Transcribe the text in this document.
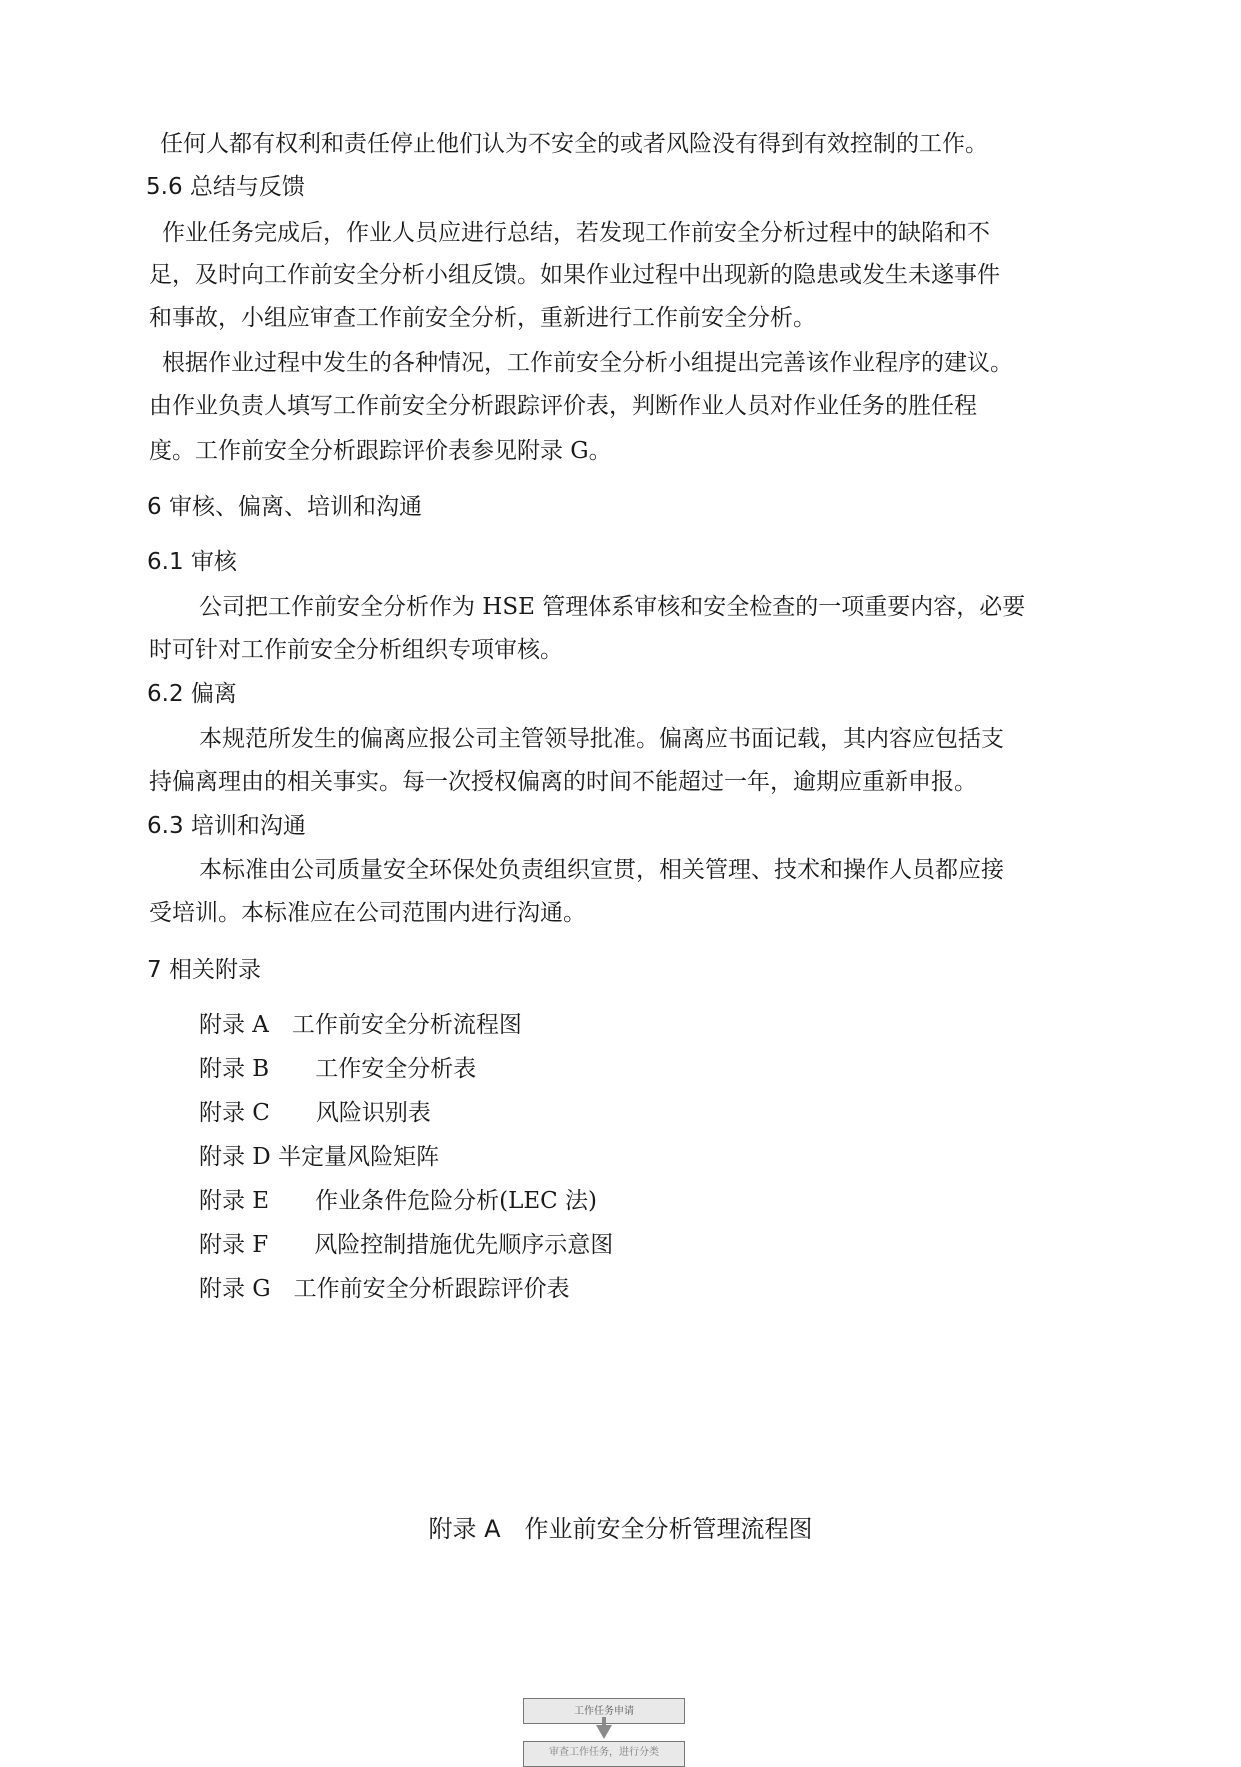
任何人都有权利和责任停止他们认为不安全的或者风险没有得到有效控制的工作。
5.6 总结与反馈
作业任务完成后，作业人员应进行总结，若发现工作前安全分析过程中的缺陷和不
足，及时向工作前安全分析小组反馈。如果作业过程中出现新的隐患或发生未遂事件
和事故，小组应审查工作前安全分析，重新进行工作前安全分析。
根据作业过程中发生的各种情况，工作前安全分析小组提出完善该作业程序的建议。
由作业负责人填写工作前安全分析跟踪评价表，判断作业人员对作业任务的胜任程
度。工作前安全分析跟踪评价表参见附录 G。
6 审核、偏离、培训和沟通
6.1 审核
公司把工作前安全分析作为 HSE 管理体系审核和安全检查的一项重要内容，必要
时可针对工作前安全分析组织专项审核。
6.2 偏离
本规范所发生的偏离应报公司主管领导批准。偏离应书面记载，其内容应包括支
持偏离理由的相关事实。每一次授权偏离的时间不能超过一年，逾期应重新申报。
6.3 培训和沟通
本标准由公司质量安全环保处负责组织宣贯，相关管理、技术和操作人员都应接
受培训。本标准应在公司范围内进行沟通。
7 相关附录
附录 A　工作前安全分析流程图
附录 B　　工作安全分析表
附录 C　　风险识别表
附录 D 半定量风险矩阵
附录 E　　作业条件危险分析(LEC 法)
附录 F　　风险控制措施优先顺序示意图
附录 G　工作前安全分析跟踪评价表
附录 A　作业前安全分析管理流程图
工作任务申请
审查工作任务，进行分类
